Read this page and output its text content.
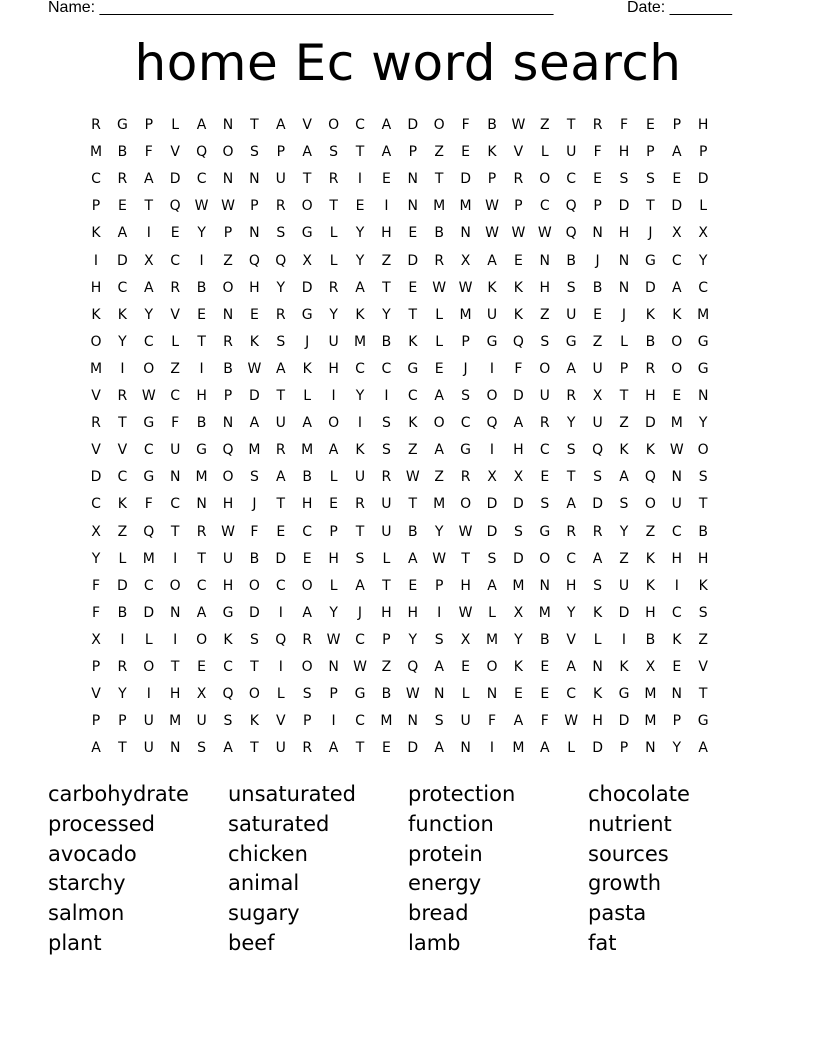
Name: ___________________________________________________	Date: _______
home Ec word search
R	G	P	L	A	N	T	A	V	O	C	A	D	O	F	B	W	Z	T	R	F	E	P	H
M	B	F	V	Q	O	S	P	A	S	T	A	P	Z	E	K	V	L	U	F	H	P	A	P
C	R	A	D	C	N	N	U	T	R	I	E	N	T	D	P	R	O	C	E	S	S	E	D
P	E	T	Q W W	P	R	O	T	E	I	N	M M W	P	C	Q	P	D	T	D	L
K	A	I	E	Y	P	N	S	G	L	Y	H	E	B	N	W W W Q	N	H	J	X	X
I	D	X	C	I	Z	Q	Q	X	L	Y	Z	D	R	X	A	E	N	B	J	N	G	C	Y
H	C	A	R	B	O	H	Y	D	R	A	T	E	W W	K	K	H	S	B	N	D	A	C
K	K	Y	V	E	N	E	R	G	Y	K	Y	T	L	M	U	K	Z	U	E	J	K	K	M
O	Y	C	L	T	R	K	S	J	U	M	B	K	L	P	G	Q	S	G	Z	L	B	O	G
M	I	O	Z	I	B	W	A	K	H	C	C	G	E	J	I	F	O	A	U	P	R	O	G
V	R	W	C	H	P	D	T	L	I	Y	I	C	A	S	O	D	U	R	X	T	H	E	N
R	T	G	F	B	N	A	U	A	O	I	S	K	O	C	Q	A	R	Y	U	Z	D	M	Y
V	V	C	U	G	Q	M	R	M	A	K	S	Z	A	G	I	H	C	S	Q	K	K	W O
D	C	G	N	M	O	S	A	B	L	U	R	W	Z	R	X	X	E	T	S	A	Q	N	S
C	K	F	C	N	H	J	T	H	E	R	U	T	M	O	D	D	S	A	D	S	O	U	T
X	Z	Q	T	R	W	F	E	C	P	T	U	B	Y	W	D	S	G	R	R	Y	Z	C	B
Y	L	M	I	T	U	B	D	E	H	S	L	A	W	T	S	D	O	C	A	Z	K	H	H
F	D	C	O	C	H	O	C	O	L	A	T	E	P	H	A	M	N	H	S	U	K	I	K
F	B	D	N	A	G	D	I	A	Y	J	H	H	I	W	L	X	M	Y	K	D	H	C	S
X	I	L	I	O	K	S	Q	R	W	C	P	Y	S	X	M	Y	B	V	L	I	B	K	Z
P	R	O	T	E	C	T	I	O	N	W	Z	Q	A	E	O	K	E	A	N	K	X	E	V
V	Y	I	H	X	Q	O	L	S	P	G	B	W	N	L	N	E	E	C	K	G	M	N	T
P	P	U	M	U	S	K	V	P	I	C	M	N	S	U	F	A	F	W	H	D	M	P	G
A	T	U	N	S	A	T	U	R	A	T	E	D	A	N	I	M	A	L	D	P	N	Y	A
carbohydrate unsaturated protection	chocolate
processed	saturated	function	nutrient
avocado	chicken	protein	sources
starchy	animal	energy	growth
salmon	sugary	bread	pasta
plant	beef	lamb	fat
